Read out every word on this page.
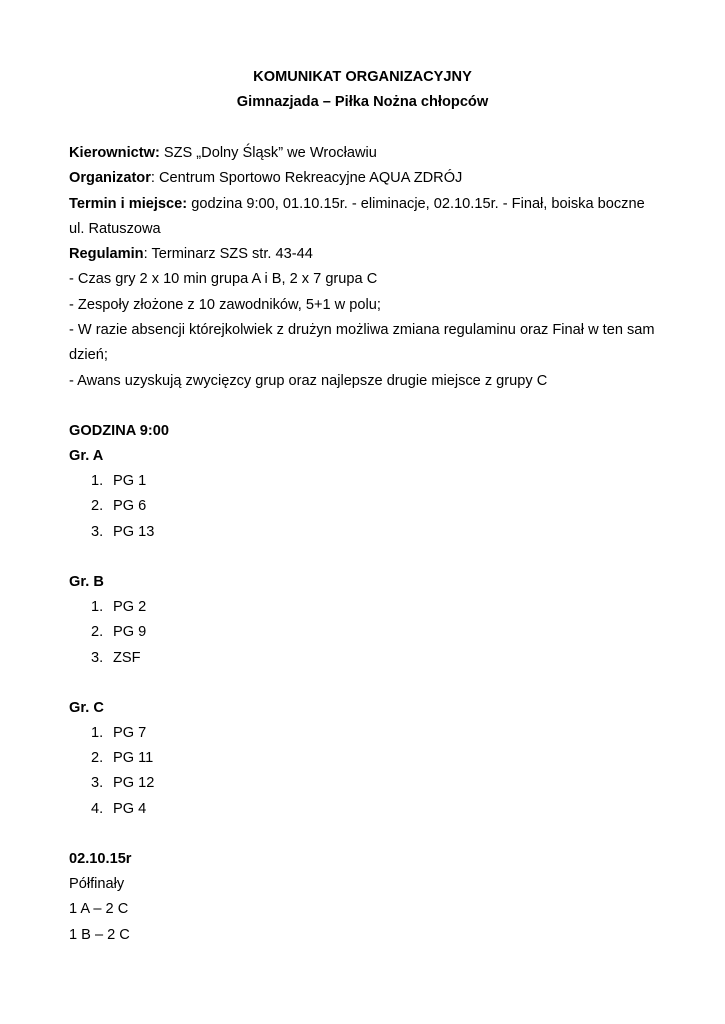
KOMUNIKAT ORGANIZACYJNY
Gimnazjada – Piłka Nożna chłopców
Kierownictw: SZS „Dolny Śląsk” we Wrocławiu
Organizator: Centrum Sportowo Rekreacyjne AQUA ZDRÓJ
Termin i miejsce: godzina 9:00, 01.10.15r. - eliminacje, 02.10.15r. - Finał, boiska boczne
ul. Ratuszowa
Regulamin: Terminarz SZS str. 43-44
- Czas gry 2 x 10 min grupa A i B, 2 x 7 grupa C
- Zespoły złożone z 10 zawodników, 5+1 w polu;
- W razie absencji którejkolwiek z drużyn możliwa zmiana regulaminu oraz Finał w ten sam
dzień;
- Awans uzyskują zwycięzcy grup oraz najlepsze drugie miejsce z grupy C
GODZINA 9:00
Gr. A
1. PG 1
2. PG 6
3. PG 13
Gr. B
1. PG 2
2. PG 9
3. ZSF
Gr. C
1. PG 7
2. PG 11
3. PG 12
4. PG 4
02.10.15r
Półfinały
1 A – 2 C
1 B – 2 C
